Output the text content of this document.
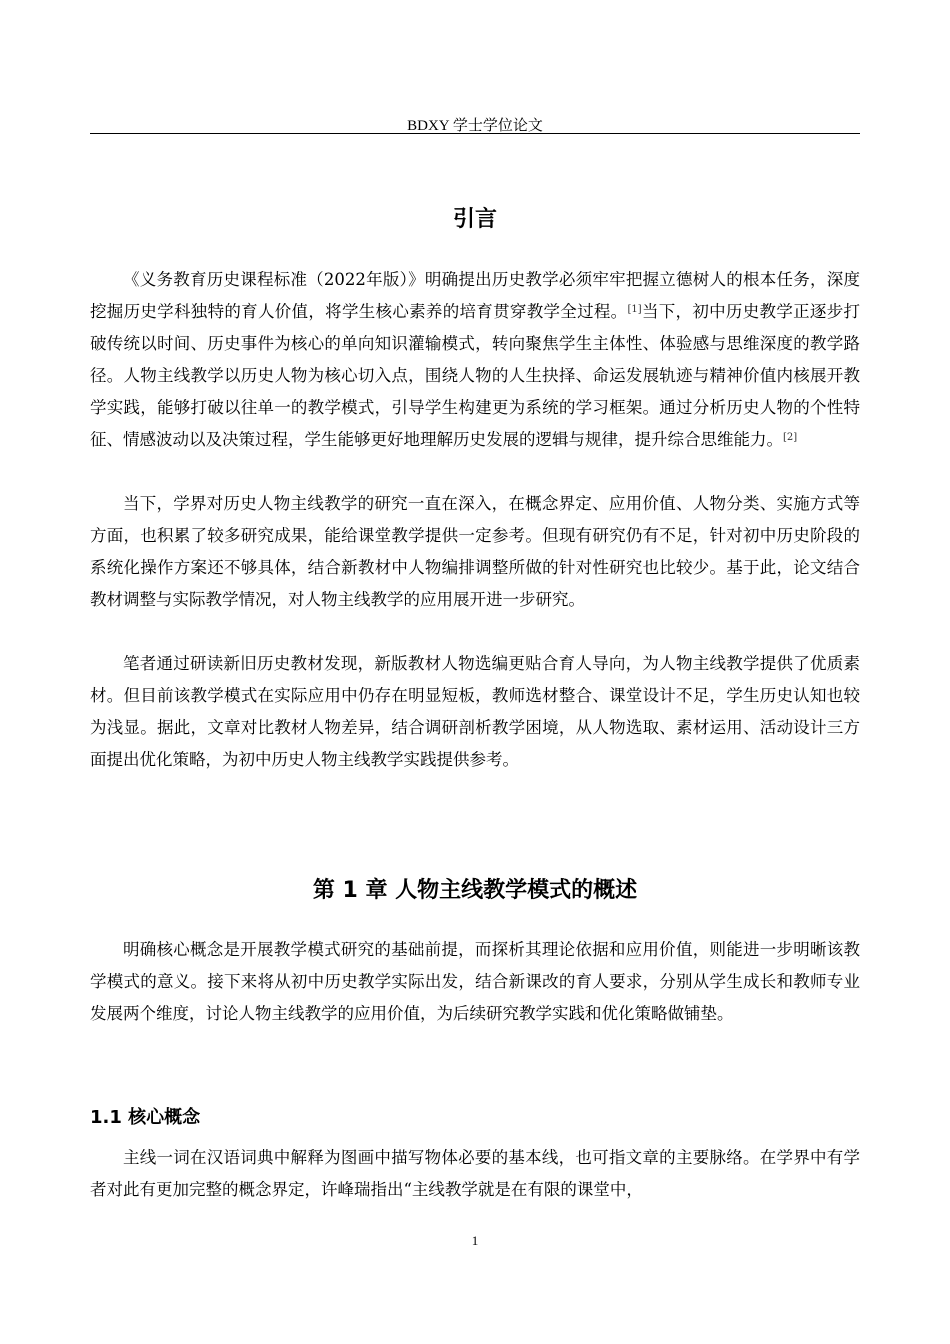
BDXY 学士学位论文
引言

《义务教育历史课程标准（2022年版）》明确提出历史教学必须牢牢把握立德树人的根本任务，深度挖掘历史学科独特的育人价值，将学生核心素养的培育贯穿教学全过程。[1]当下，初中历史教学正逐步打破传统以时间、历史事件为核心的单向知识灌输模式，转向聚焦学生主体性、体验感与思维深度的教学路径。人物主线教学以历史人物为核心切入点，围绕人物的人生抉择、命运发展轨迹与精神价值内核展开教学实践，能够打破以往单一的教学模式，引导学生构建更为系统的学习框架。通过分析历史人物的个性特征、情感波动以及决策过程，学生能够更好地理解历史发展的逻辑与规律，提升综合思维能力。[2]

当下，学界对历史人物主线教学的研究一直在深入，在概念界定、应用价值、人物分类、实施方式等方面，也积累了较多研究成果，能给课堂教学提供一定参考。但现有研究仍有不足，针对初中历史阶段的系统化操作方案还不够具体，结合新教材中人物编排调整所做的针对性研究也比较少。基于此，论文结合教材调整与实际教学情况，对人物主线教学的应用展开进一步研究。

笔者通过研读新旧历史教材发现，新版教材人物选编更贴合育人导向，为人物主线教学提供了优质素材。但目前该教学模式在实际应用中仍存在明显短板，教师选材整合、课堂设计不足，学生历史认知也较为浅显。据此，文章对比教材人物差异，结合调研剖析教学困境，从人物选取、素材运用、活动设计三方面提出优化策略，为初中历史人物主线教学实践提供参考。

第 1 章 人物主线教学模式的概述

明确核心概念是开展教学模式研究的基础前提，而探析其理论依据和应用价值，则能进一步明晰该教学模式的意义。接下来将从初中历史教学实际出发，结合新课改的育人要求，分别从学生成长和教师专业发展两个维度，讨论人物主线教学的应用价值，为后续研究教学实践和优化策略做铺垫。

1.1 核心概念

主线一词在汉语词典中解释为图画中描写物体必要的基本线，也可指文章的主要脉络。在学界中有学者对此有更加完整的概念界定，许峰瑞指出“主线教学就是在有限的课堂中，

1
